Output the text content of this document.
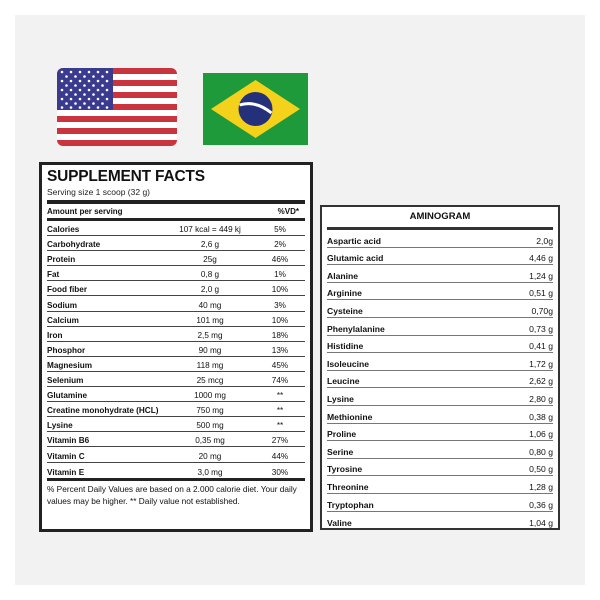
SUPPLEMENT FACTS
Serving size 1 scoop (32 g)
Amount per serving	%VD*
Calories	107 kcal = 449 kj	5%
Carbohydrate	2,6 g	2%
Protein	25g	46%
Fat	0,8 g	1%
Food fiber	2,0 g	10%
Sodium	40 mg	3%
Calcium	101 mg	10%
Iron	2,5 mg	18%
Phosphor	90 mg	13%
Magnesium	118 mg	45%
Selenium	25 mcg	74%
Glutamine	1000 mg	**
Creatine monohydrate (HCL)	750 mg	**
Lysine	500 mg	**
Vitamin B6	0,35 mg	27%
Vitamin C	20 mg	44%
Vitamin E	3,0 mg	30%
% Percent Daily Values are based on a 2.000 calorie diet. Your daily values may be higher. ** Daily value not established.
AMINOGRAM
Aspartic acid	2,0g
Glutamic acid	4,46 g
Alanine	1,24 g
Arginine	0,51 g
Cysteine	0,70g
Phenylalanine	0,73 g
Histidine	0,41 g
Isoleucine	1,72 g
Leucine	2,62 g
Lysine	2,80 g
Methionine	0,38 g
Proline	1,06 g
Serine	0,80 g
Tyrosine	0,50 g
Threonine	1,28 g
Tryptophan	0,36 g
Valine	1,04 g
